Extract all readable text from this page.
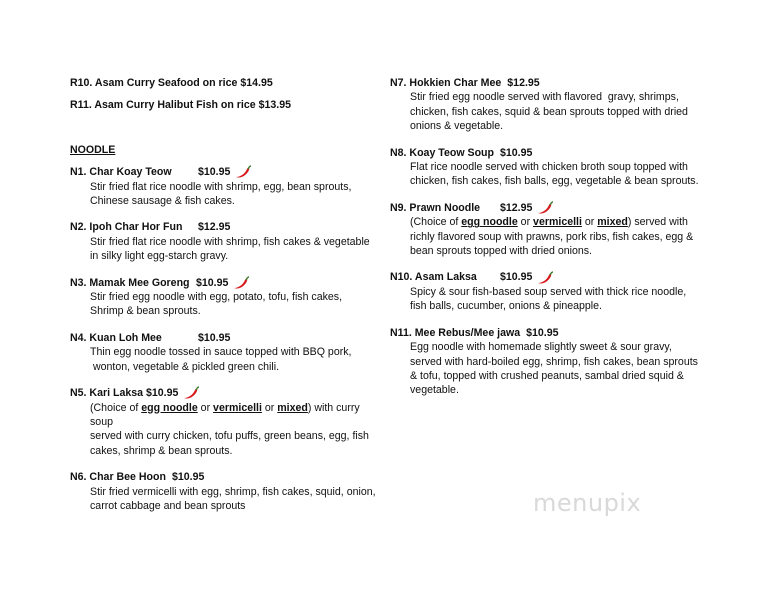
R10. Asam Curry Seafood on rice $14.95
R11. Asam Curry Halibut Fish on rice $13.95
NOODLE
N1. Char Koay Teow	$10.95
Stir fried flat rice noodle with shrimp, egg, bean sprouts,
Chinese sausage & fish cakes.
N2. Ipoh Char Hor Fun	$12.95
Stir fried flat rice noodle with shrimp, fish cakes & vegetable
in silky light egg-starch gravy.
N3. Mamak Mee Goreng $10.95
Stir fried egg noodle with egg, potato, tofu, fish cakes,
Shrimp & bean sprouts.
N4. Kuan Loh Mee	$10.95
Thin egg noodle tossed in sauce topped with BBQ pork,
wonton, vegetable & pickled green chili.
N5. Kari Laksa $10.95
(Choice of egg noodle or vermicelli or mixed) with curry soup
served with curry chicken, tofu puffs, green beans, egg, fish
cakes, shrimp & bean sprouts.
N6. Char Bee Hoon $10.95
Stir fried vermicelli with egg, shrimp, fish cakes, squid, onion,
carrot cabbage and bean sprouts
N7. Hokkien Char Mee $12.95
Stir fried egg noodle served with flavored  gravy, shrimps,
chicken, fish cakes, squid & bean sprouts topped with dried
onions & vegetable.
N8. Koay Teow Soup $10.95
Flat rice noodle served with chicken broth soup topped with
chicken, fish cakes, fish balls, egg, vegetable & bean sprouts.
N9. Prawn Noodle	$12.95
(Choice of egg noodle or vermicelli or mixed) served with
richly flavored soup with prawns, pork ribs, fish cakes, egg &
bean sprouts topped with dried onions.
N10. Asam Laksa	$10.95
Spicy & sour fish-based soup served with thick rice noodle,
fish balls, cucumber, onions & pineapple.
N11. Mee Rebus/Mee jawa $10.95
Egg noodle with homemade slightly sweet & sour gravy,
served with hard-boiled egg, shrimp, fish cakes, bean sprouts
& tofu, topped with crushed peanuts, sambal dried squid &
vegetable.
menupix
